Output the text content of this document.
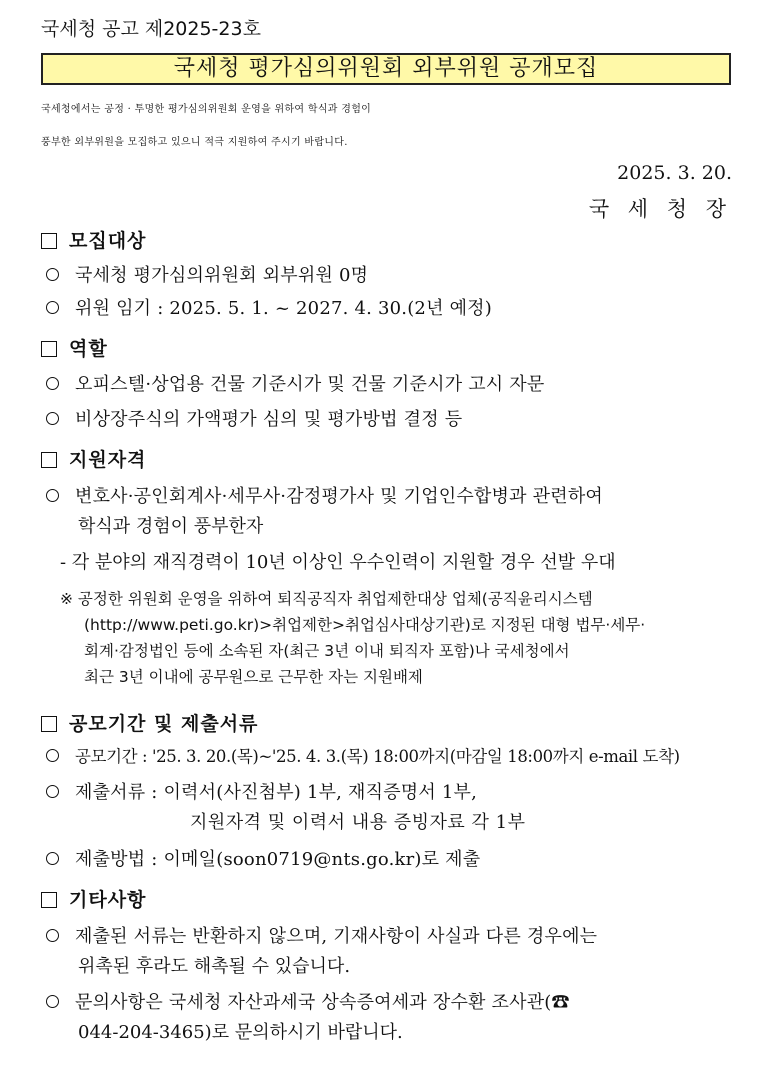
국세청 공고 제2025-23호
국세청 평가심의위원회 외부위원 공개모집
국세청에서는 공정 · 투명한 평가심의위원회 운영을 위하여 학식과 경험이
풍부한 외부위원을 모집하고 있으니 적극 지원하여 주시기 바랍니다.
2025. 3. 20.
국 세 청 장
모집대상
국세청 평가심의위원회 외부위원 0명
위원 임기 : 2025. 5. 1. ~ 2027. 4. 30.(2년 예정)
역할
오피스텔·상업용 건물 기준시가 및 건물 기준시가 고시 자문
비상장주식의 가액평가 심의 및 평가방법 결정 등
지원자격
변호사·공인회계사·세무사·감정평가사 및 기업인수합병과 관련하여
학식과 경험이 풍부한자
- 각 분야의 재직경력이 10년 이상인 우수인력이 지원할 경우 선발 우대
※ 공정한 위원회 운영을 위하여 퇴직공직자 취업제한대상 업체(공직윤리시스템
(http://www.peti.go.kr)>취업제한>취업심사대상기관)로 지정된 대형 법무·세무·
회계·감정법인 등에 소속된 자(최근 3년 이내 퇴직자 포함)나 국세청에서
최근 3년 이내에 공무원으로 근무한 자는 지원배제
공모기간 및 제출서류
공모기간 : '25. 3. 20.(목)~'25. 4. 3.(목) 18:00까지(마감일 18:00까지 e-mail 도착)
제출서류 : 이력서(사진첨부) 1부, 재직증명서 1부,
지원자격 및 이력서 내용 증빙자료 각 1부
제출방법 : 이메일(soon0719@nts.go.kr)로 제출
기타사항
제출된 서류는 반환하지 않으며, 기재사항이 사실과 다른 경우에는
위촉된 후라도 해촉될 수 있습니다.
문의사항은 국세청 자산과세국 상속증여세과 장수환 조사관(☎
044-204-3465)로 문의하시기 바랍니다.
